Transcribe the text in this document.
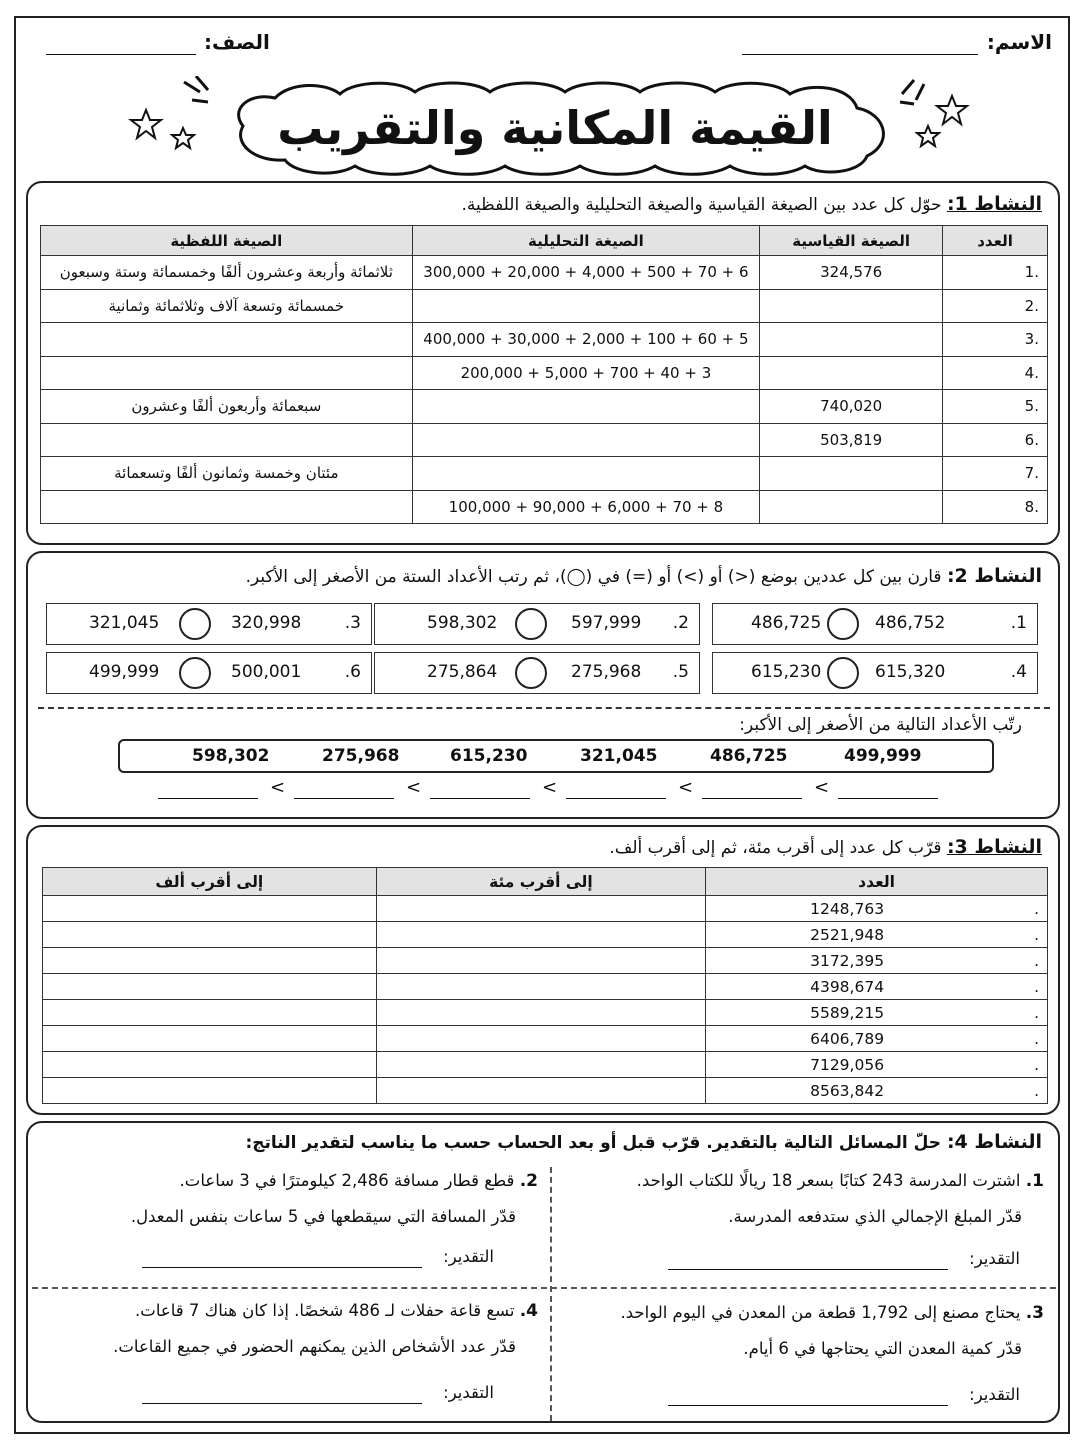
الاسم:
الصف:
القيمة المكانية والتقريب
النشاط 1: حوّل كل عدد بين الصيغة القياسية والصيغة التحليلية والصيغة اللفظية.
العدد	الصيغة القياسية	الصيغة التحليلية	الصيغة اللفظية
.1	324,576	300,000 + 20,000 + 4,000 + 500 + 70 + 6	ثلاثمائة وأربعة وعشرون ألفًا وخمسمائة وستة وسبعون
.2			خمسمائة وتسعة آلاف وثلاثمائة وثمانية
.3		400,000 + 30,000 + 2,000 + 100 + 60 + 5	
.4		200,000 + 5,000 + 700 + 40 + 3	
.5	740,020		سبعمائة وأربعون ألفًا وعشرون
.6	503,819		
.7			مئتان وخمسة وثمانون ألفًا وتسعمائة
.8		100,000 + 90,000 + 6,000 + 70 + 8	
النشاط 2: قارن بين كل عددين بوضع (<) أو (>) أو (=) في (◯)، ثم رتب الأعداد الستة من الأصغر إلى الأكبر.
.1
486,752
486,725
.2
597,999
598,302
.3
320,998
321,045
.4
615,320
615,230
.5
275,968
275,864
.6
500,001
499,999
رتّب الأعداد التالية من الأصغر إلى الأكبر:
499,999
486,725
321,045
615,230
275,968
598,302
<
<
<
<
<
النشاط 3: قرّب كل عدد إلى أقرب مئة، ثم إلى أقرب ألف.
العدد	إلى أقرب مئة	إلى أقرب ألف
.1248,763		
.2521,948		
.3172,395		
.4398,674		
.5589,215		
.6406,789		
.7129,056		
.8563,842		
النشاط 4: حلّ المسائل التالية بالتقدير. قرّب قبل أو بعد الحساب حسب ما يناسب لتقدير الناتج:
1. اشترت المدرسة 243 كتابًا بسعر 18 ريالًا للكتاب الواحد.
قدّر المبلغ الإجمالي الذي ستدفعه المدرسة.
التقدير:
2. قطع قطار مسافة 2,486 كيلومترًا في 3 ساعات.
قدّر المسافة التي سيقطعها في 5 ساعات بنفس المعدل.
التقدير:
3. يحتاج مصنع إلى 1,792 قطعة من المعدن في اليوم الواحد.
قدّر كمية المعدن التي يحتاجها في 6 أيام.
التقدير:
4. تسع قاعة حفلات لـ 486 شخصًا. إذا كان هناك 7 قاعات.
قدّر عدد الأشخاص الذين يمكنهم الحضور في جميع القاعات.
التقدير:
